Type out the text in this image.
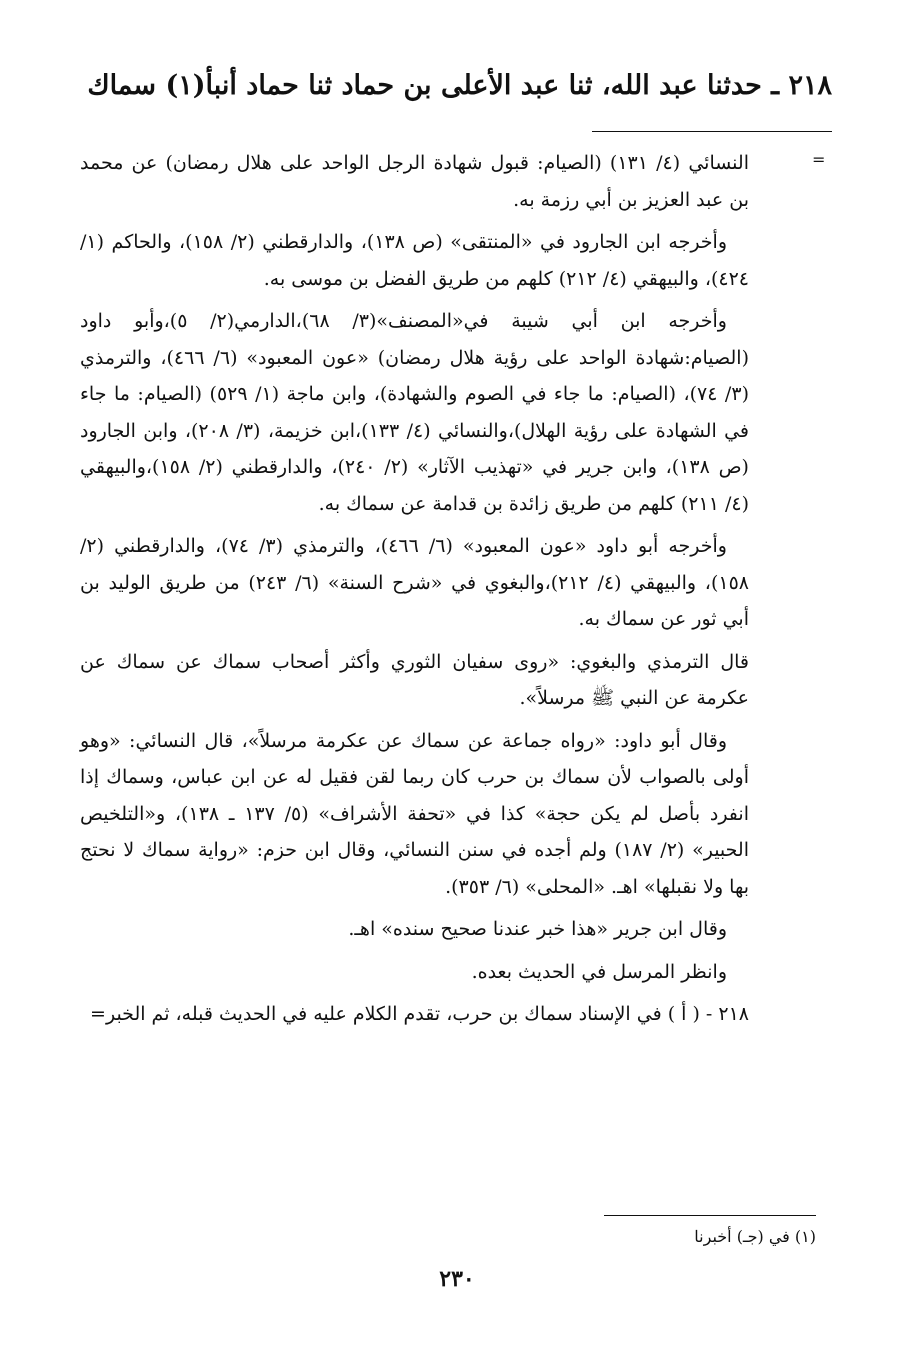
٢١٨ ـ حدثنا عبد الله، ثنا عبد الأعلى بن حماد ثنا حماد أنبأ(١) سماك
=

النسائي (٤/ ١٣١) (الصيام: قبول شهادة الرجل الواحد على هلال رمضان) عن محمد بن عبد العزيز بن أبي رزمة به.

وأخرجه ابن الجارود في «المنتقى» (ص ١٣٨)، والدارقطني (٢/ ١٥٨)، والحاكم (١/ ٤٢٤)، والبيهقي (٤/ ٢١٢) كلهم من طريق الفضل بن موسى به.

وأخرجه ابن أبي شيبة في«المصنف»(٣/ ٦٨)،الدارمي(٢/ ٥)،وأبو داود (الصيام:شهادة الواحد على رؤية هلال رمضان) «عون المعبود» (٦/ ٤٦٦)، والترمذي (٣/ ٧٤)، (الصيام: ما جاء في الصوم والشهادة)، وابن ماجة (١/ ٥٢٩) (الصيام: ما جاء في الشهادة على رؤية الهلال)،والنسائي (٤/ ١٣٣)،ابن خزيمة، (٣/ ٢٠٨)، وابن الجارود (ص ١٣٨)، وابن جرير في «تهذيب الآثار» (٢/ ٢٤٠)، والدارقطني (٢/ ١٥٨)،والبيهقي (٤/ ٢١١) كلهم من طريق زائدة بن قدامة عن سماك به.

وأخرجه أبو داود «عون المعبود» (٦/ ٤٦٦)، والترمذي (٣/ ٧٤)، والدارقطني (٢/ ١٥٨)، والبيهقي (٤/ ٢١٢)،والبغوي في «شرح السنة» (٦/ ٢٤٣) من طريق الوليد بن أبي ثور عن سماك به.

قال الترمذي والبغوي: «روى سفيان الثوري وأكثر أصحاب سماك عن سماك عن عكرمة عن النبي ﷺ مرسلاً».

وقال أبو داود: «رواه جماعة عن سماك عن عكرمة مرسلاً»، قال النسائي: «وهو أولى بالصواب لأن سماك بن حرب كان ربما لقن فقيل له عن ابن عباس، وسماك إذا انفرد بأصل لم يكن حجة» كذا في «تحفة الأشراف» (٥/ ١٣٧ ـ ١٣٨)، و«التلخيص الحبير» (٢/ ١٨٧) ولم أجده في سنن النسائي، وقال ابن حزم: «رواية سماك لا نحتج بها ولا نقبلها» اهـ. «المحلى» (٦/ ٣٥٣).

وقال ابن جرير «هذا خبر عندنا صحيح سنده» اهـ.

وانظر المرسل في الحديث بعده.

٢١٨ - ( أ ) في الإسناد سماك بن حرب، تقدم الكلام عليه في الحديث قبله، ثم الخبر=

(١) في (جـ) أخبرنا
٢٣٠
